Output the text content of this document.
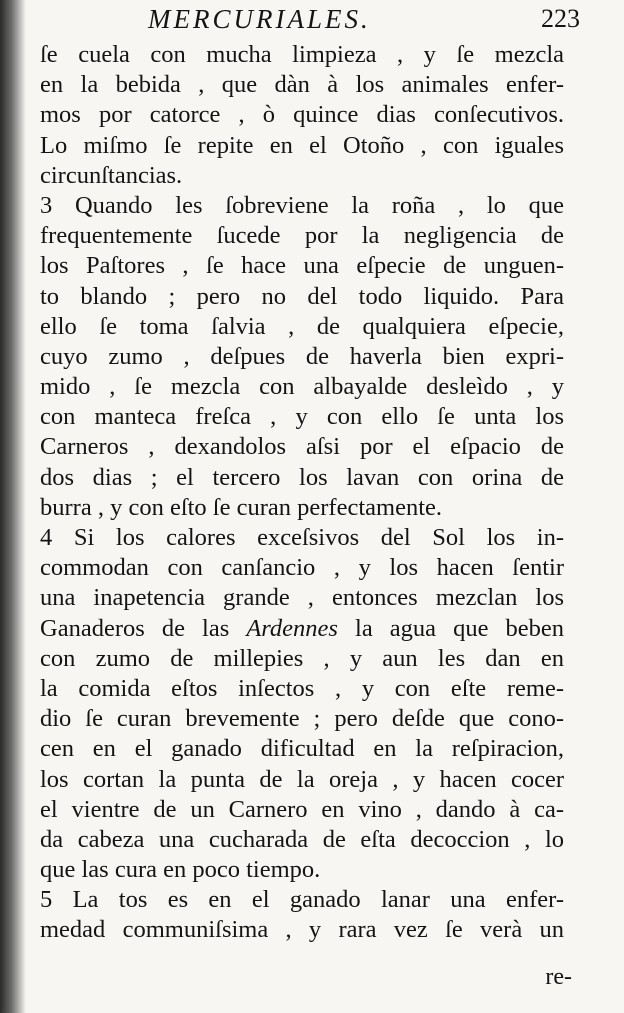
MERCURIALES.	223
ſe cuela con mucha limpieza , y ſe mezcla
en la bebida , que dàn à los animales enfer-
mos por catorce , ò quince dias conſecutivos.
Lo miſmo ſe repite en el Otoño , con iguales
circunſtancias.
3 Quando les ſobreviene la roña , lo que
frequentemente ſucede por la negligencia de
los Paſtores , ſe hace una eſpecie de unguen-
to blando ; pero no del todo liquido. Para
ello ſe toma ſalvia , de qualquiera eſpecie,
cuyo zumo , deſpues de haverla bien expri-
mido , ſe mezcla con albayalde desleìdo , y
con manteca freſca , y con ello ſe unta los
Carneros , dexandolos aſsi por el eſpacio de
dos dias ; el tercero los lavan con orina de
burra , y con eſto ſe curan perfectamente.
4 Si los calores exceſsivos del Sol los in-
commodan con canſancio , y los hacen ſentir
una inapetencia grande , entonces mezclan los
Ganaderos de las Ardennes la agua que beben
con zumo de millepies , y aun les dan en
la comida eſtos inſectos , y con eſte reme-
dio ſe curan brevemente ; pero deſde que cono-
cen en el ganado dificultad en la reſpiracion,
los cortan la punta de la oreja , y hacen cocer
el vientre de un Carnero en vino , dando à ca-
da cabeza una cucharada de eſta decoccion , lo
que las cura en poco tiempo.
5 La tos es en el ganado lanar una enfer-
medad communiſsima , y rara vez ſe verà un
re-
